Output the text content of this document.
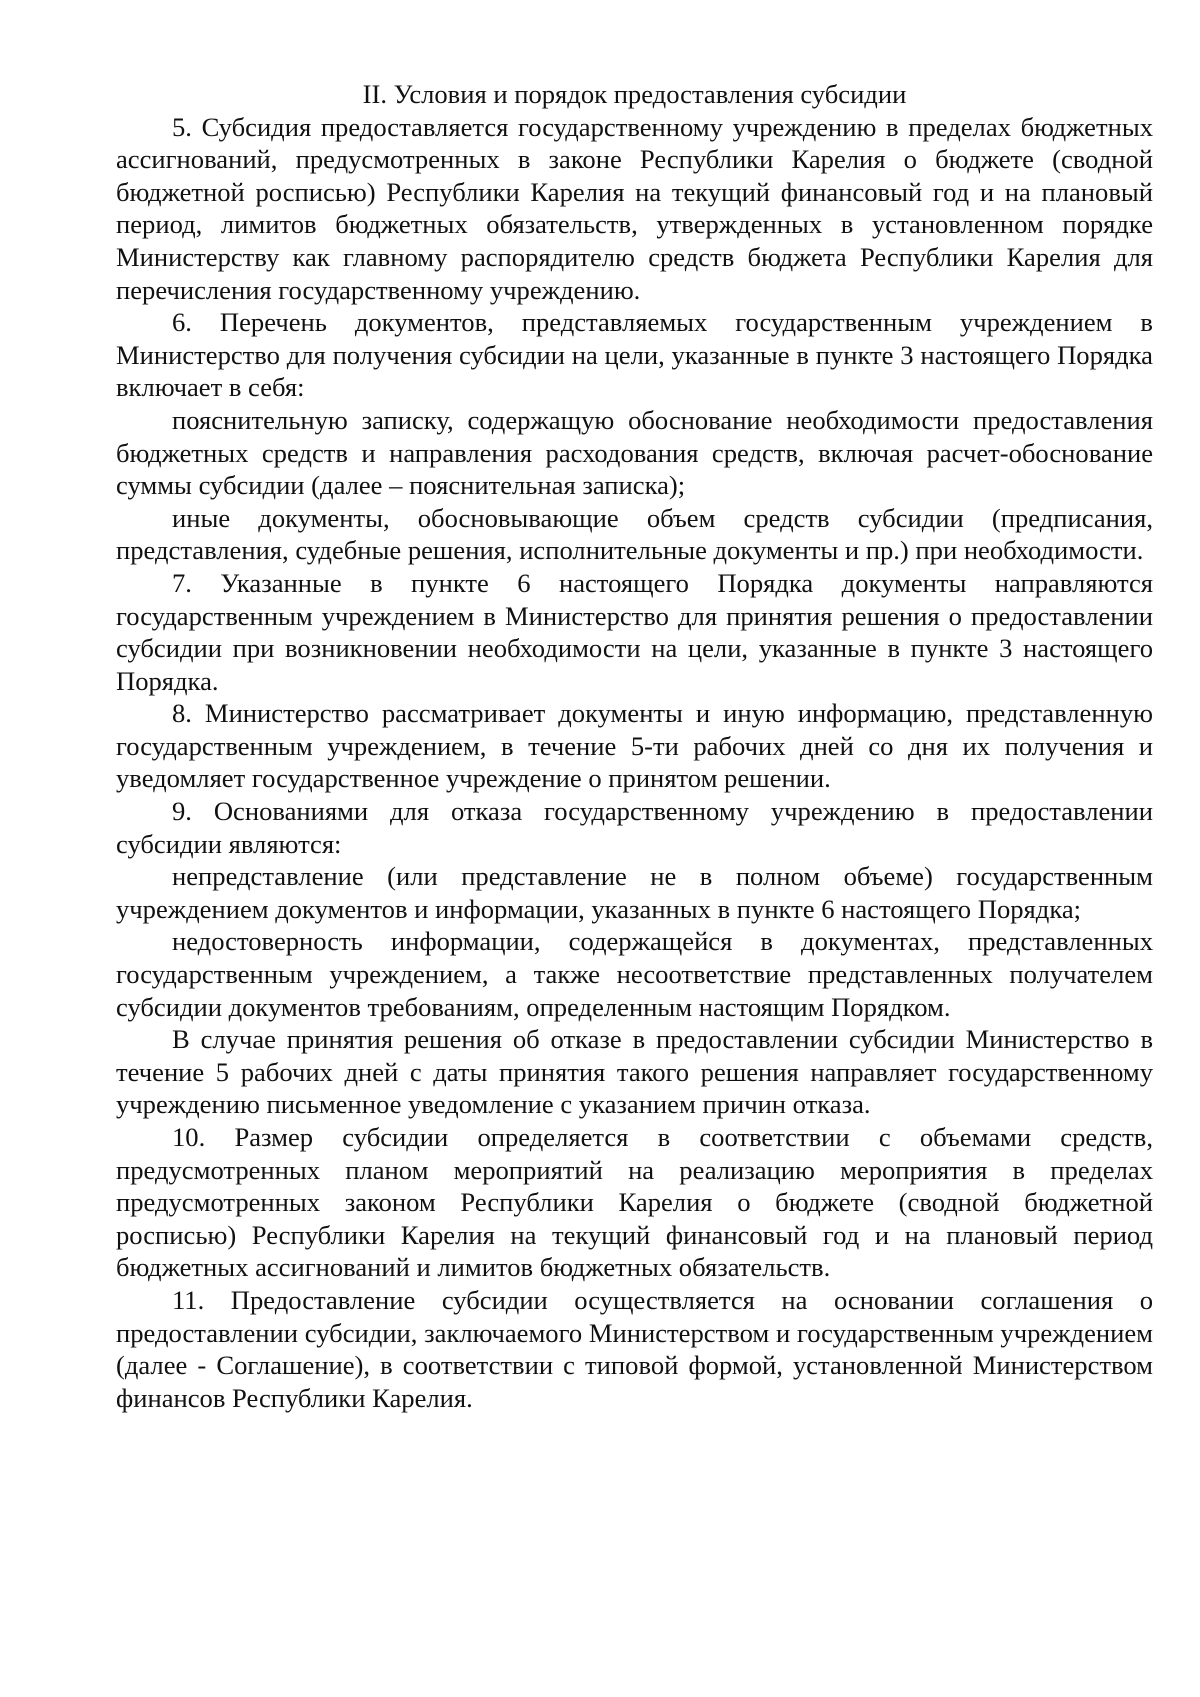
II. Условия и порядок предоставления субсидии

5. Субсидия предоставляется государственному учреждению в пределах бюджетных ассигнований, предусмотренных в законе Республики Карелия о бюджете (сводной бюджетной росписью) Республики Карелия на текущий финансовый год и на плановый период, лимитов бюджетных обязательств, утвержденных в установленном порядке Министерству как главному распорядителю средств бюджета Республики Карелия для перечисления государственному учреждению.

6. Перечень документов, представляемых государственным учреждением в Министерство для получения субсидии на цели, указанные в пункте 3 настоящего Порядка включает в себя:

пояснительную записку, содержащую обоснование необходимости предоставления бюджетных средств и направления расходования средств, включая расчет-обоснование суммы субсидии (далее – пояснительная записка);

иные документы, обосновывающие объем средств субсидии (предписания, представления, судебные решения, исполнительные документы и пр.) при необходимости.

7. Указанные в пункте 6 настоящего Порядка документы направляются государственным учреждением в Министерство для принятия решения о предоставлении субсидии при возникновении необходимости на цели, указанные в пункте 3 настоящего Порядка.

8. Министерство рассматривает документы и иную информацию, представленную государственным учреждением, в течение 5-ти рабочих дней со дня их получения и уведомляет государственное учреждение о принятом решении.

9. Основаниями для отказа государственному учреждению в предоставлении субсидии являются:

непредставление (или представление не в полном объеме) государственным учреждением документов и информации, указанных в пункте 6 настоящего Порядка;

недостоверность информации, содержащейся в документах, представленных государственным учреждением, а также несоответствие представленных получателем субсидии документов требованиям, определенным настоящим Порядком.

В случае принятия решения об отказе в предоставлении субсидии Министерство в течение 5 рабочих дней с даты принятия такого решения направляет государственному учреждению письменное уведомление с указанием причин отказа.

10. Размер субсидии определяется в соответствии с объемами средств, предусмотренных планом мероприятий на реализацию мероприятия в пределах предусмотренных законом Республики Карелия о бюджете (сводной бюджетной росписью) Республики Карелия на текущий финансовый год и на плановый период бюджетных ассигнований и лимитов бюджетных обязательств.

11. Предоставление субсидии осуществляется на основании соглашения о предоставлении субсидии, заключаемого Министерством и государственным учреждением (далее - Соглашение), в соответствии с типовой формой, установленной Министерством финансов Республики Карелия.
